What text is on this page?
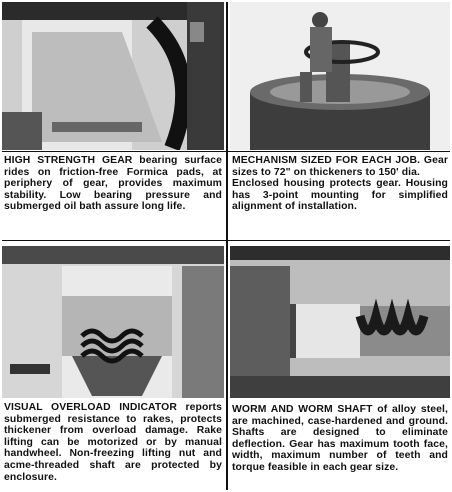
HIGH STRENGTH GEAR bearing surface rides on friction-free Formica pads, at periphery of gear, provides maximum stability. Low bearing pressure and submerged oil bath assure long life.
MECHANISM SIZED FOR EACH JOB. Gear sizes to 72" on thickeners to 150' dia.
Enclosed housing protects gear. Housing has 3-point mounting for simplified alignment of installation.
VISUAL OVERLOAD INDICATOR reports submerged resistance to rakes, protects thickener from overload damage. Rake lifting can be motorized or by manual handwheel. Non-freezing lifting nut and acme-threaded shaft are protected by enclosure.
WORM AND WORM SHAFT of alloy steel, are machined, case-hardened and ground. Shafts are designed to eliminate deflection. Gear has maximum tooth face, width, maximum number of teeth and torque feasible in each gear size.
